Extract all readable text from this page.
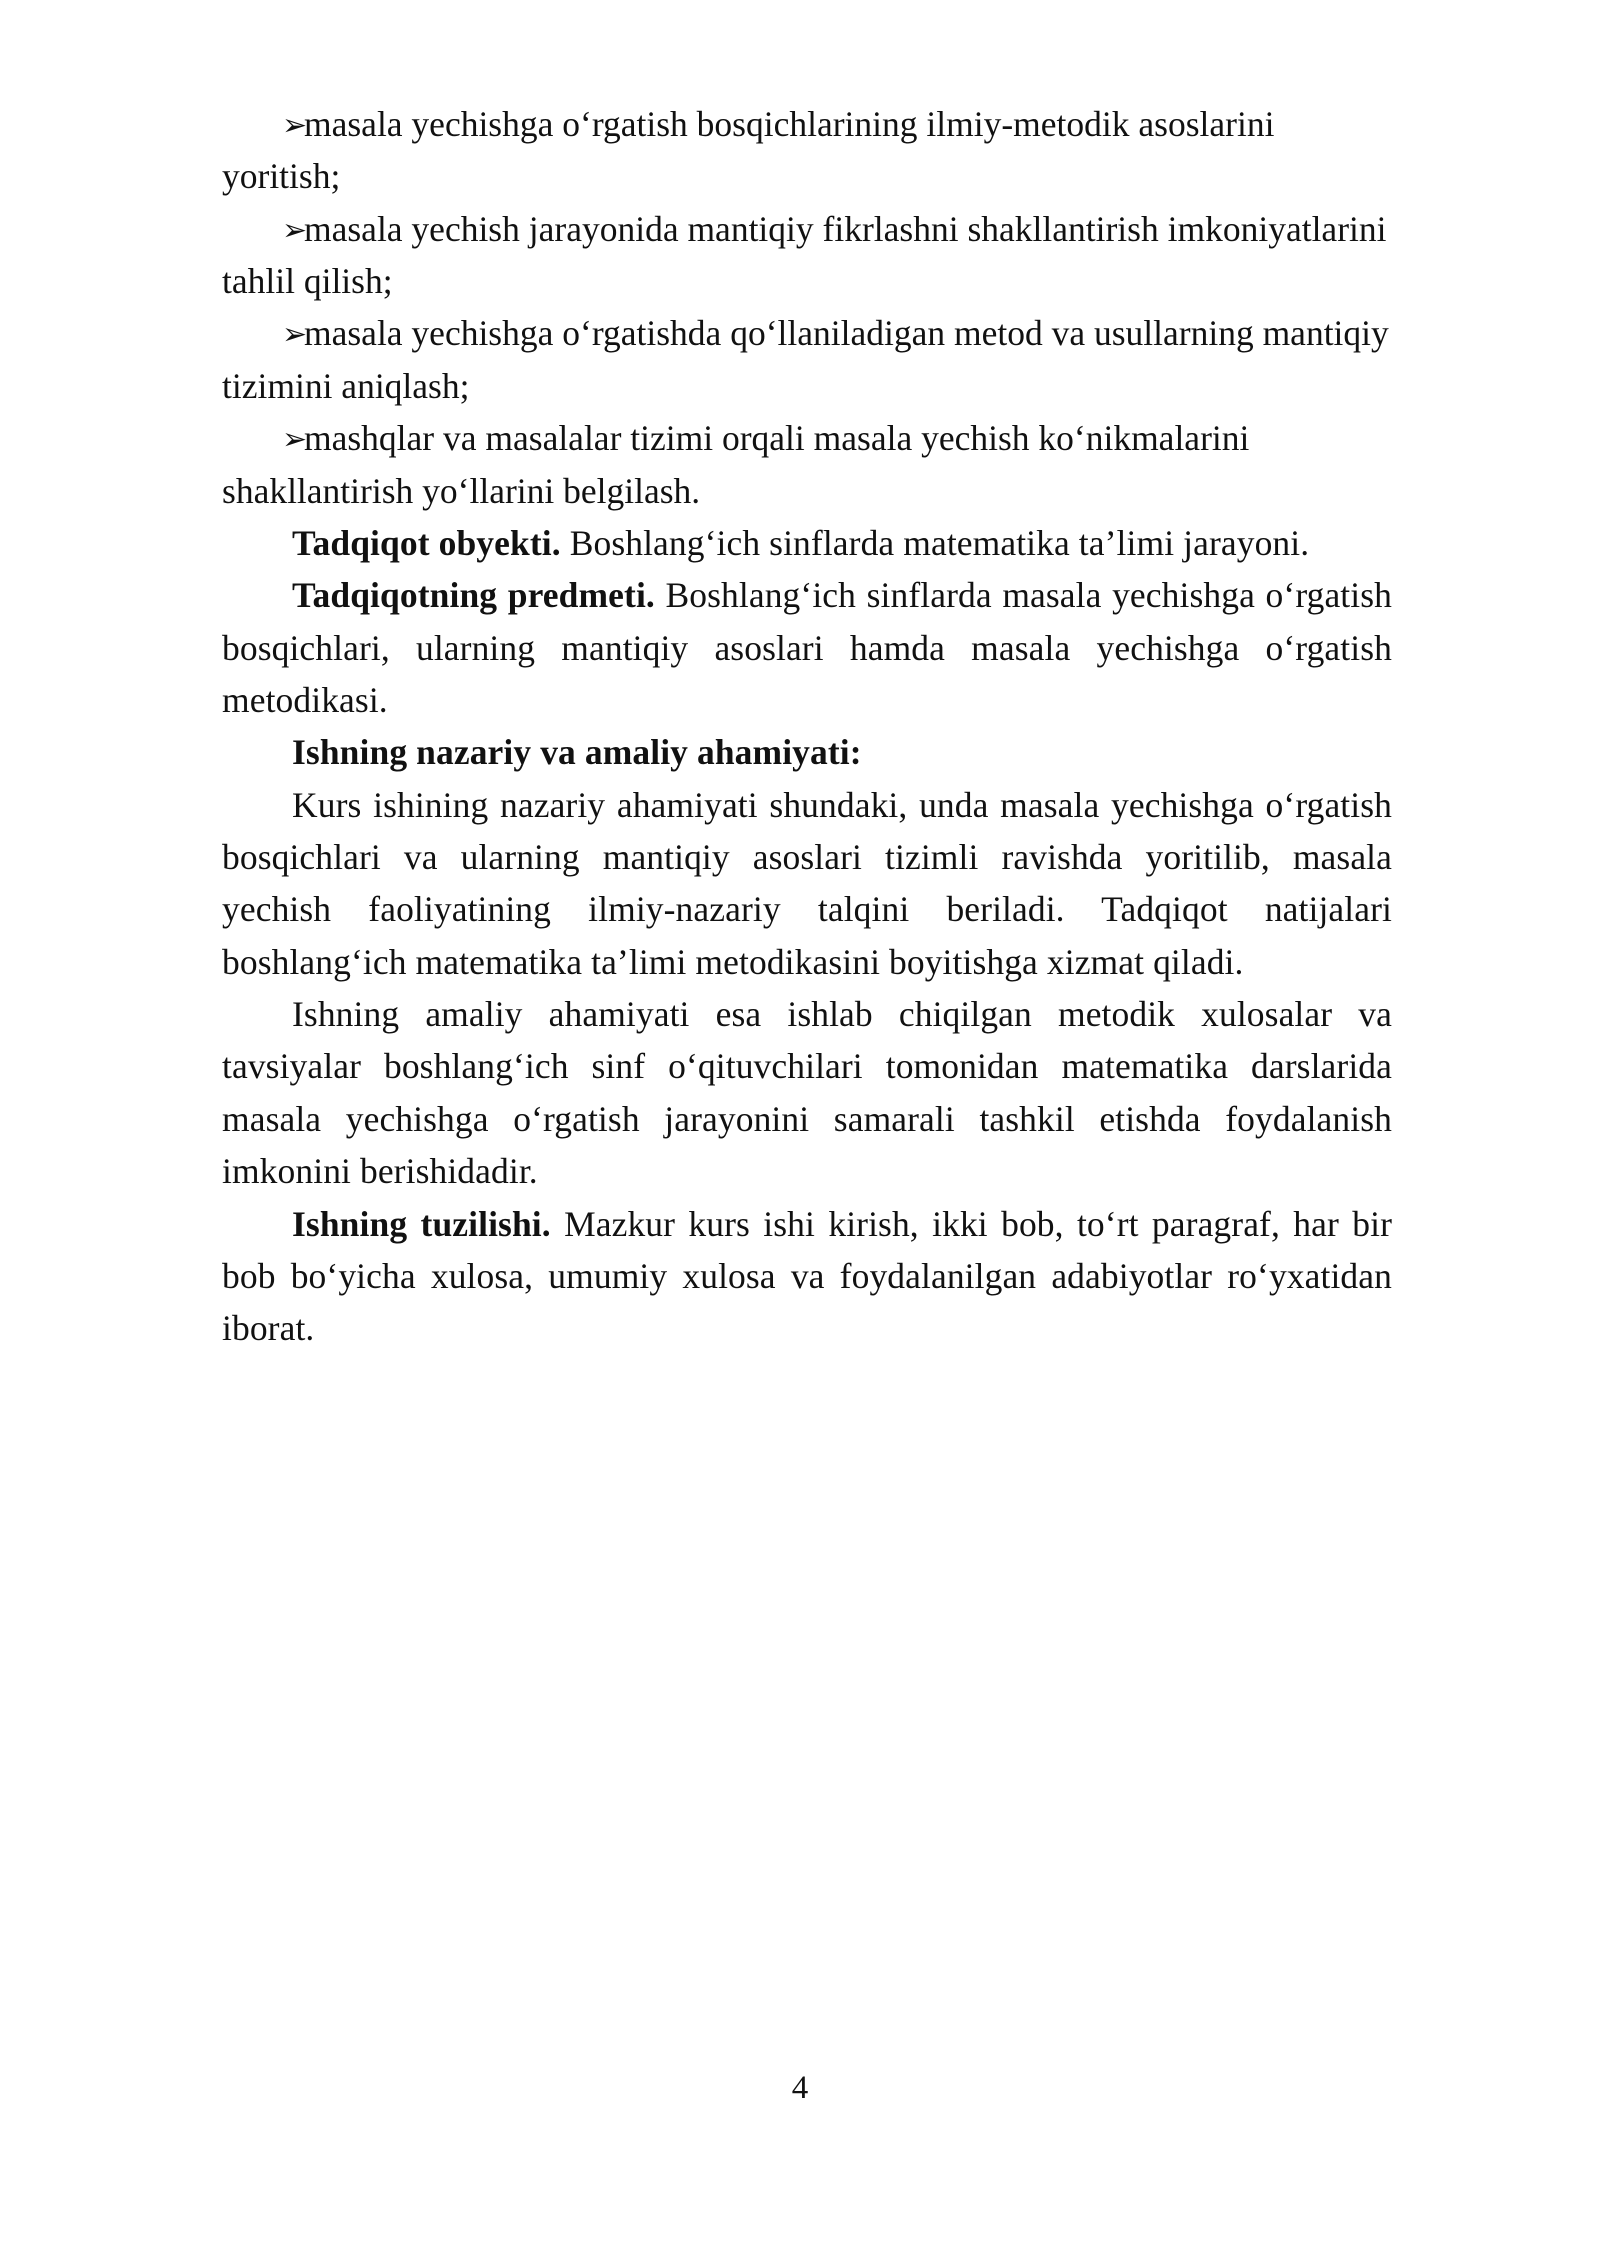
➢masala yechishga o‘rgatish bosqichlarining ilmiy-metodik asoslarini yoritish;

➢masala yechish jarayonida mantiqiy fikrlashni shakllantirish imkoniyatlarini tahlil qilish;

➢masala yechishga o‘rgatishda qo‘llaniladigan metod va usullarning mantiqiy tizimini aniqlash;

➢mashqlar va masalalar tizimi orqali masala yechish ko‘nikmalarini shakllantirish yo‘llarini belgilash.

Tadqiqot obyekti. Boshlang‘ich sinflarda matematika ta’limi jarayoni.

Tadqiqotning predmeti. Boshlang‘ich sinflarda masala yechishga o‘rgatish bosqichlari, ularning mantiqiy asoslari hamda masala yechishga o‘rgatish metodikasi.

Ishning nazariy va amaliy ahamiyati:

Kurs ishining nazariy ahamiyati shundaki, unda masala yechishga o‘rgatish bosqichlari va ularning mantiqiy asoslari tizimli ravishda yoritilib, masala yechish faoliyatining ilmiy-nazariy talqini beriladi. Tadqiqot natijalari boshlang‘ich matematika ta’limi metodikasini boyitishga xizmat qiladi.

Ishning amaliy ahamiyati esa ishlab chiqilgan metodik xulosalar va tavsiyalar boshlang‘ich sinf o‘qituvchilari tomonidan matematika darslarida masala yechishga o‘rgatish jarayonini samarali tashkil etishda foydalanish imkonini berishidadir.

Ishning tuzilishi. Mazkur kurs ishi kirish, ikki bob, to‘rt paragraf, har bir bob bo‘yicha xulosa, umumiy xulosa va foydalanilgan adabiyotlar ro‘yxatidan iborat.

4
